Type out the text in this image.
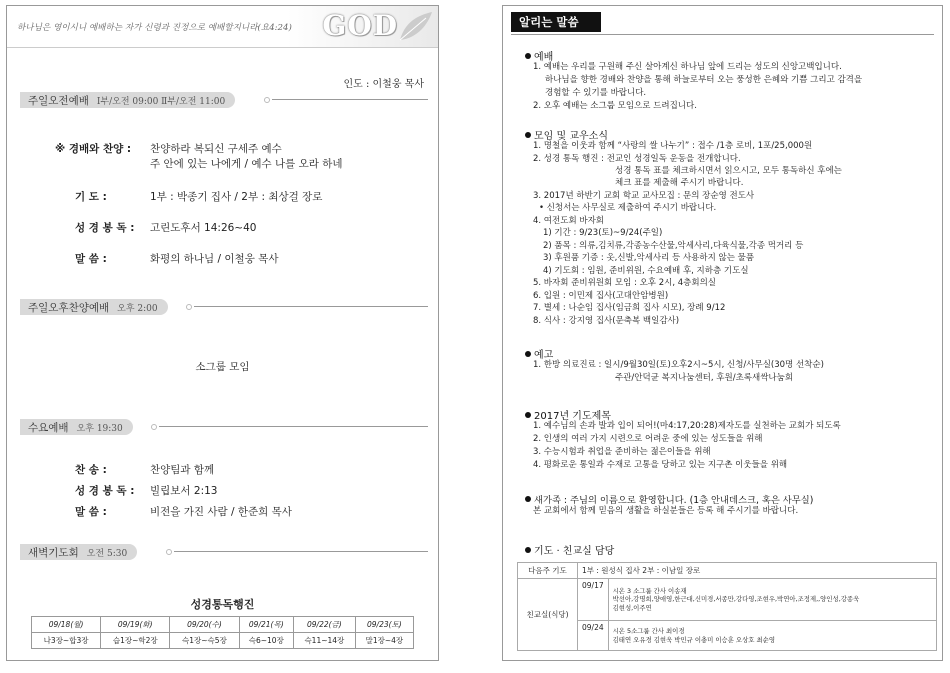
하나님은 영이시니 예배하는 자가 신령과 진정으로 예배할지니라(요4:24) GOD
인도 : 이철웅 목사
주일오전예배 Ⅰ부/오전 09:00 Ⅱ부/오전 11:00
※ 경배와 찬양 : 찬양하라 복되신 구세주 예수
주 안에 있는 나에게 / 예수 나를 오라 하네
기 도 :	1부 : 박종기 집사 / 2부 : 최상걸 장로
성 경 봉 독 : 고린도후서 14:26~40
말 씀 :	화평의 하나님 / 이철웅 목사
주일오후찬양예배 오후 2:00
소그룹 모임
수요예배 오후 19:30
찬 송 :	찬양팀과 함께
성 경 봉 독 : 빌립보서 2:13
말 씀 :	비전을 가진 사람 / 한준희 목사
새벽기도회 오전 5:30
성경통독행진
09/18(월)	09/19(화)	09/20(수)	09/21(목)	09/22(금)	09/23(토)
나3장~합3장	습1장~학2장	슥1장~슥5장	슥6~10장	슥11~14장	말1장~4장
알리는 말씀
예배
1. 예배는 우리를 구원해 주신 살아계신 하나님 앞에 드리는 성도의 신앙고백입니다.
하나님을 향한 경배와 찬양을 통해 하늘로부터 오는 풍성한 은혜와 기쁨 그리고 감격을
경험할 수 있기를 바랍니다.
2. 오후 예배는 소그룹 모임으로 드려집니다.
모임 및 교우소식
1. 명철을 이웃과 함께 “사랑의 쌀 나누기” : 접수 /1층 로비, 1포/25,000원
2. 성경 통독 행진 : 전교인 성경일독 운동을 전개합니다.
성경 통독 표를 체크하시면서 읽으시고, 모두 통독하신 후에는
체크 표를 제출해 주시기 바랍니다.
3. 2017년 하반기 교회 학교 교사모집 : 문의 장순영 전도사
• 신청서는 사무실로 제출하여 주시기 바랍니다.
4. 여전도회 바자회
1) 기간 : 9/23(토)~9/24(주일)
2) 품목 : 의류,김치류,각종농수산물,악세사리,다육식물,각종 먹거리 등
3) 후원품 기증 : 옷,신발,악세사리 등 사용하지 않는 물품
4) 기도회 : 임원, 준비위원, 수요예배 후, 지하층 기도실
5. 바자회 준비위원회 모임 : 오후 2시, 4층회의실
6. 입원 : 이민제 집사(고대안암병원)
7. 별세 : 나순임 집사(임금희 집사 시모), 장례 9/12
8. 식사 : 강지영 집사(문축복 백일감사)
예고
1. 한방 의료진료 : 일시/9월30일(토)오후2시~5시, 신청/사무실(30명 선착순)
주관/안덕균 복지나눔센터, 후원/초록새싹나눔회
2017년 기도제목
1. 예수님의 손과 발과 입이 되어!(마4:17,20:28)제자도를 실천하는 교회가 되도록
2. 인생의 여러 가지 시련으로 어려운 중에 있는 성도들을 위해
3. 수능시험과 취업을 준비하는 젊은이들을 위해
4. 평화로운 통일과 수재로 고통을 당하고 있는 지구촌 이웃들을 위해
새가족 : 주님의 이름으로 환영합니다. (1층 안내데스크, 혹은 사무실)
본 교회에서 함께 믿음의 생활을 하실분들은 등록 해 주시기를 바랍니다.
기도 · 친교실 담당
다음주 기도	1부 : 원성식 집사 2부 : 이남일 장로	
친교실(식당)	09/17	시온 3 소그룹 간사 이송재
박선아,강명희,양애영,한근대,신미경,서종만,강다영,조현우,박연아,조정제,,양인성,강종욱
김현성,이주연

	09/24	시온 5소그룹 간사 최이경
김태연 오유경 김현욱 박민규 이충미 이승훈 오상호 최순영
